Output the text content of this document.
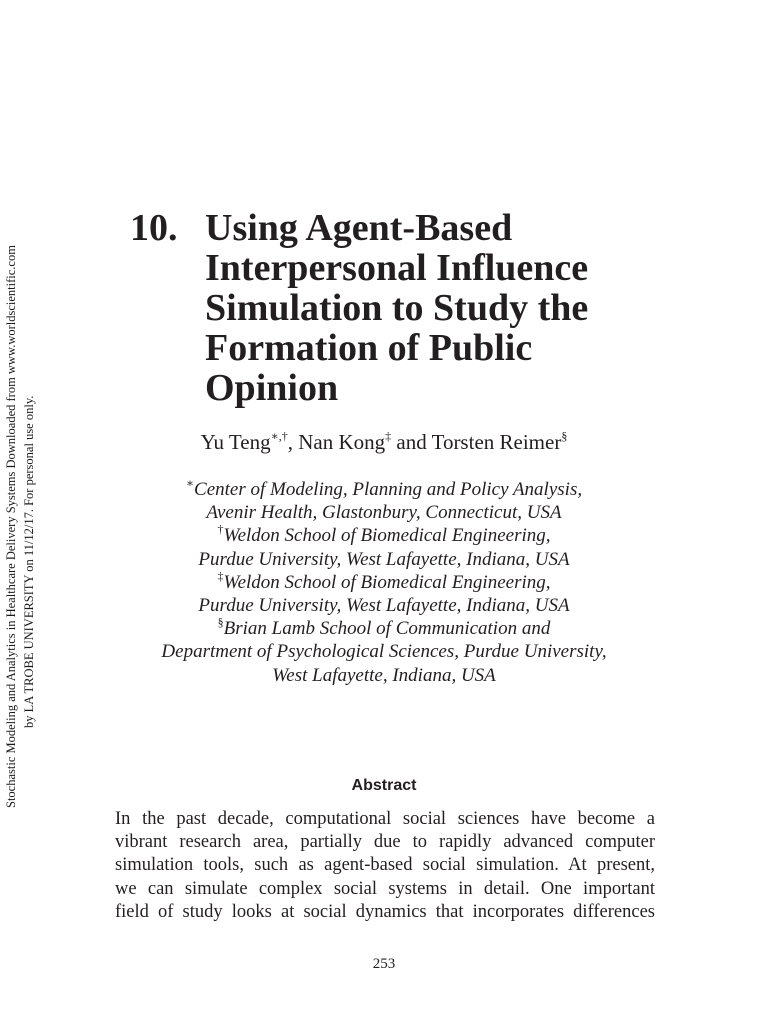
Stochastic Modeling and Analytics in Healthcare Delivery Systems Downloaded from www.worldscientific.com by LA TROBE UNIVERSITY on 11/12/17. For personal use only.
10. Using Agent-Based
Interpersonal Influence
Simulation to Study the
Formation of Public
Opinion
Yu Teng∗,†, Nan Kong‡ and Torsten Reimer§
∗Center of Modeling, Planning and Policy Analysis,
Avenir Health, Glastonbury, Connecticut, USA
†Weldon School of Biomedical Engineering,
Purdue University, West Lafayette, Indiana, USA
‡Weldon School of Biomedical Engineering,
Purdue University, West Lafayette, Indiana, USA
§Brian Lamb School of Communication and
Department of Psychological Sciences, Purdue University,
West Lafayette, Indiana, USA
Abstract
In the past decade, computational social sciences have become a
vibrant research area, partially due to rapidly advanced computer
simulation tools, such as agent-based social simulation. At present,
we can simulate complex social systems in detail. One important
field of study looks at social dynamics that incorporates differences
253
